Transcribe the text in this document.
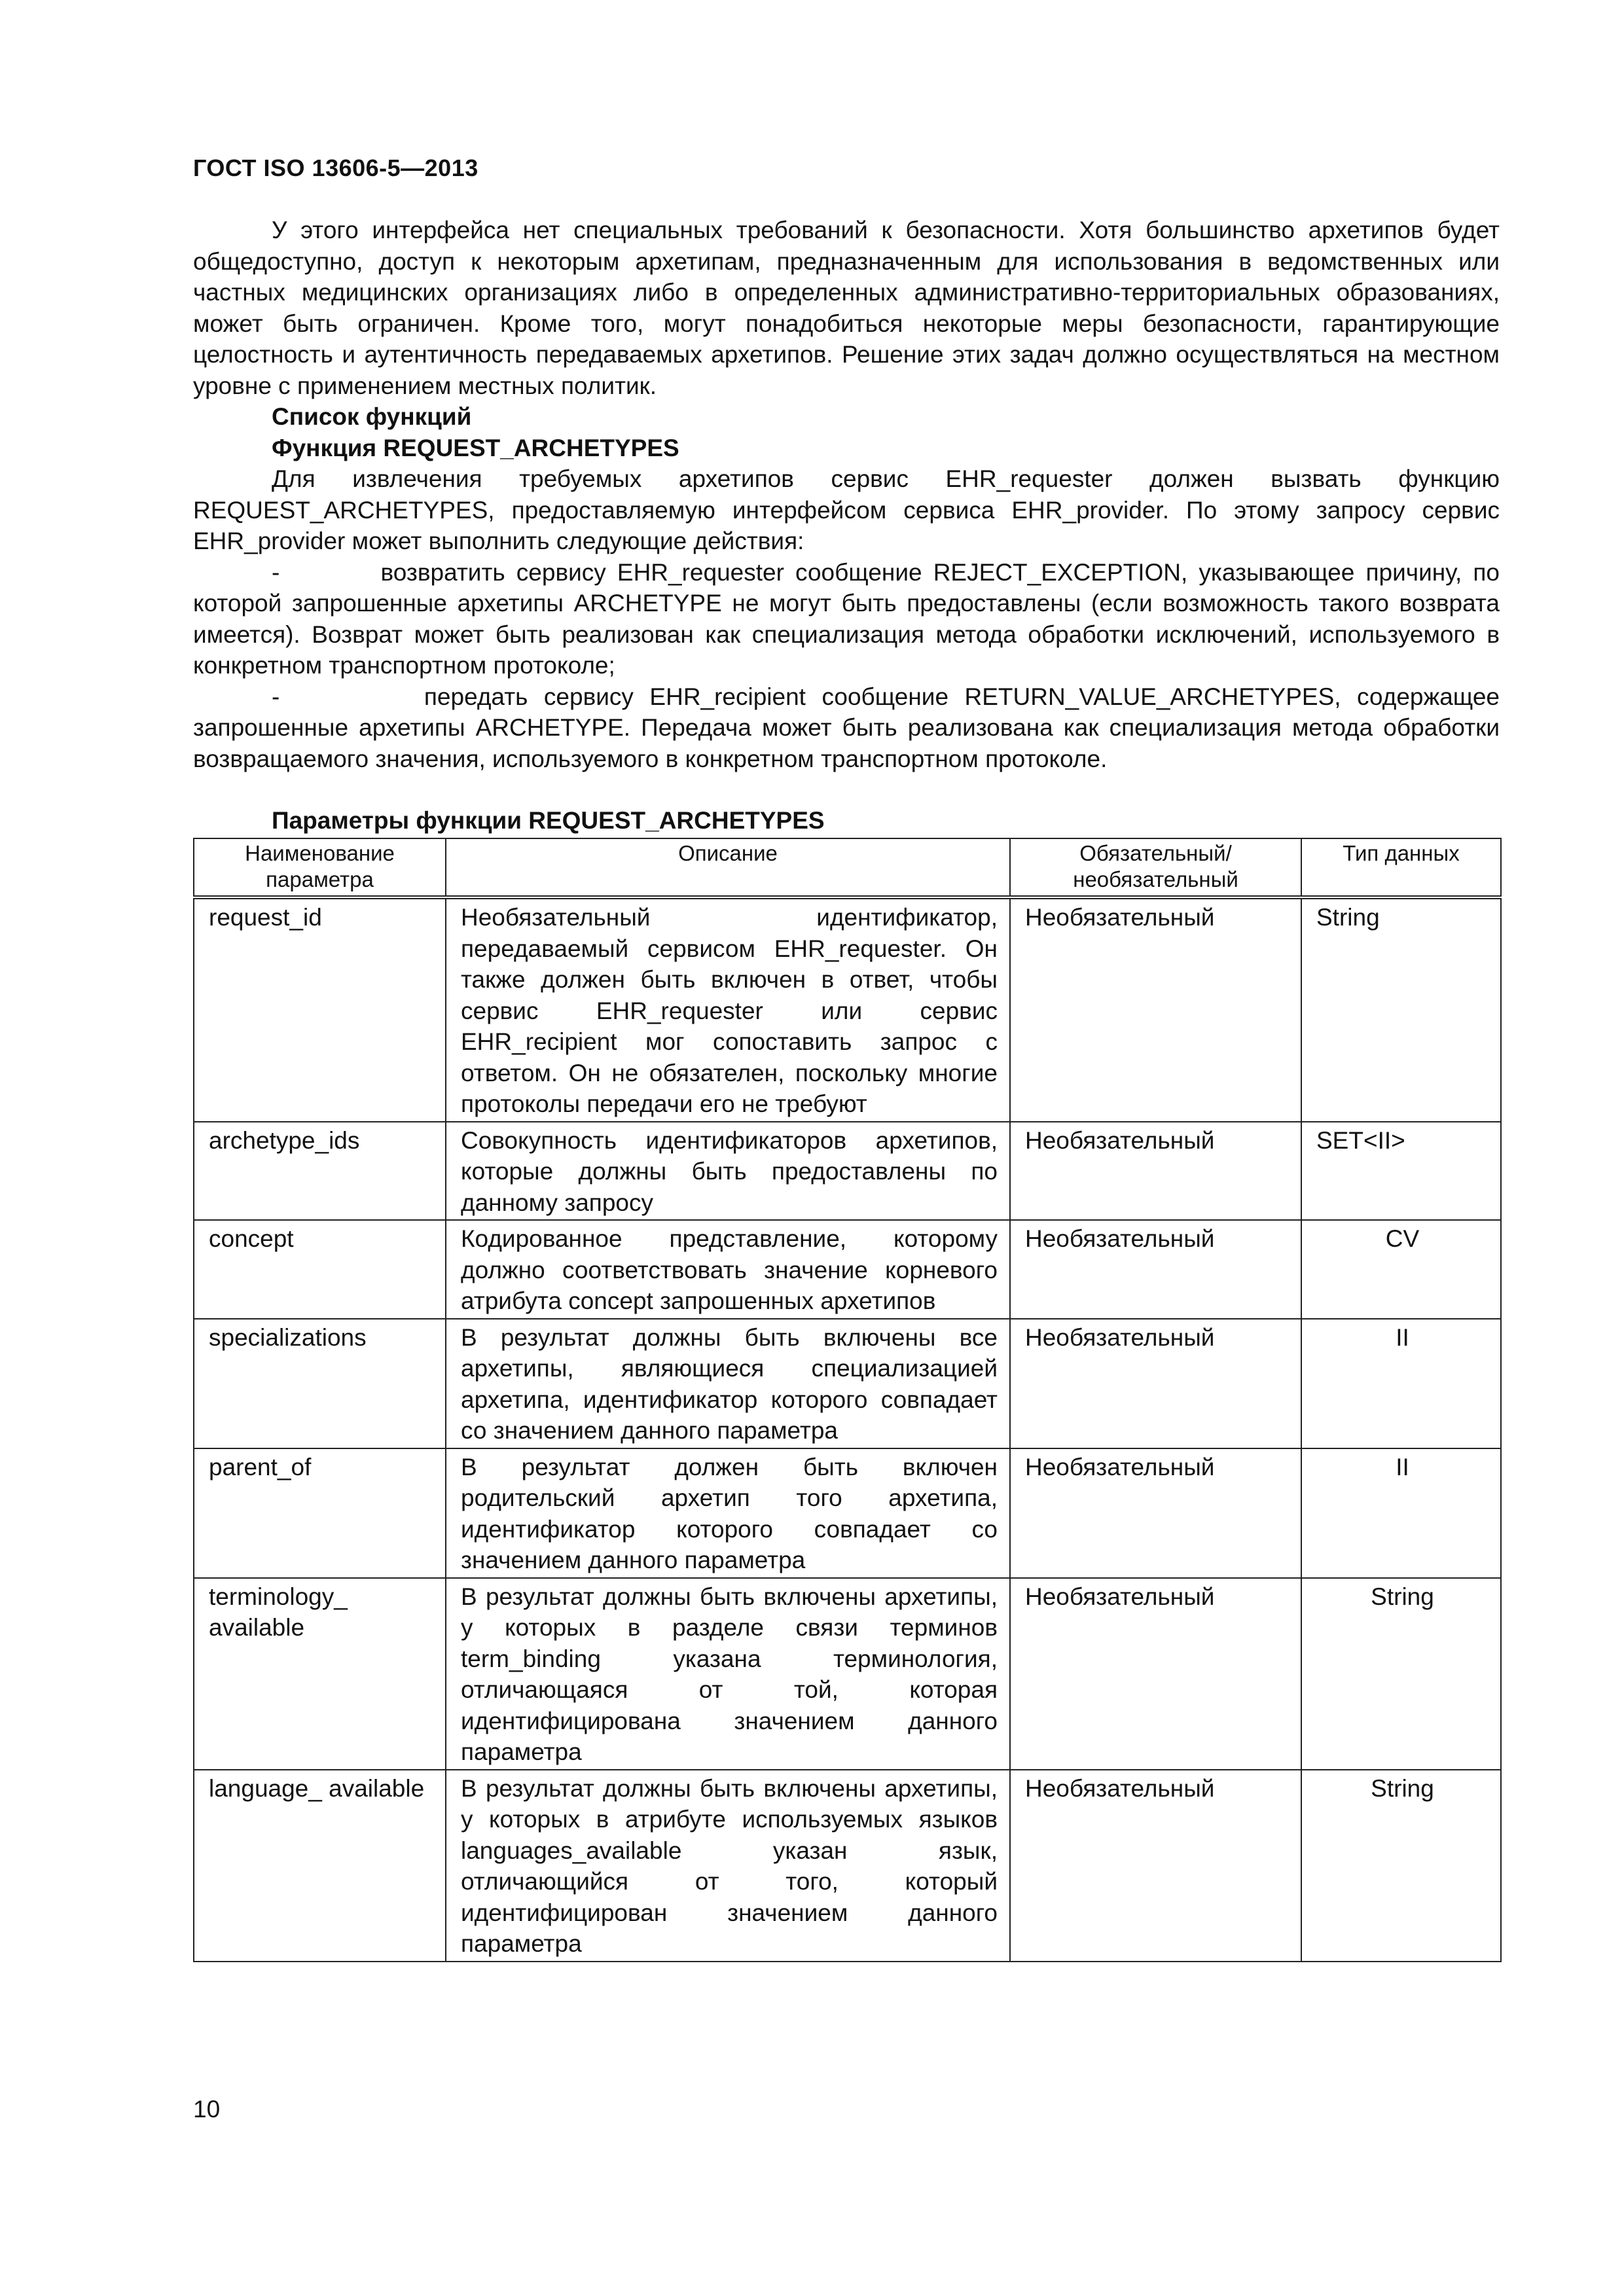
ГОСТ ISO 13606-5—2013

У этого интерфейса нет специальных требований к безопасности. Хотя большинство архетипов будет общедоступно, доступ к некоторым архетипам, предназначенным для использования в ведомственных или частных медицинских организациях либо в определенных административно-территориальных образованиях, может быть ограничен. Кроме того, могут понадобиться некоторые меры безопасности, гарантирующие целостность и аутентичность передаваемых архетипов. Решение этих задач должно осуществляться на местном уровне с применением местных политик.

Список функций

Функция REQUEST_ARCHETYPES

Для извлечения требуемых архетипов сервис EHR_requester должен вызвать функцию REQUEST_ARCHETYPES, предоставляемую интерфейсом сервиса EHR_provider. По этому запросу сервис EHR_provider может выполнить следующие действия:

-         возвратить сервису EHR_requester сообщение REJECT_EXCEPTION, указывающее причину, по которой запрошенные архетипы ARCHETYPE не могут быть предоставлены (если возможность такого возврата имеется). Возврат может быть реализован как специализация метода обработки исключений, используемого в конкретном транспортном протоколе;

-         передать сервису EHR_recipient сообщение RETURN_VALUE_ARCHETYPES, содержащее запрошенные архетипы ARCHETYPE. Передача может быть реализована как специализация метода обработки возвращаемого значения, используемого в конкретном транспортном протоколе.

Параметры функции REQUEST_ARCHETYPES
Наименование параметра	Описание	Обязательный/ необязательный	Тип данных
request_id	Необязательный идентификатор, передаваемый сервисом EHR_requester. Он также должен быть включен в ответ, чтобы сервис EHR_requester или сервис EHR_recipient мог сопоставить запрос с ответом. Он не обязателен, поскольку многие протоколы передачи его не требуют	Необязательный	String
archetype_ids	Совокупность идентификаторов архетипов, которые должны быть предоставлены по данному запросу	Необязательный	SET<II>
concept	Кодированное представление, которому должно соответствовать значение корневого атрибута concept запрошенных архетипов	Необязательный	CV
specializations	В результат должны быть включены все архетипы, являющиеся специализацией архетипа, идентификатор которого совпадает со значением данного параметра	Необязательный	II
parent_of	В результат должен быть включен родительский архетип того архетипа, идентификатор которого совпадает со значением данного параметра	Необязательный	II
terminology_ available	В результат должны быть включены архетипы, у которых в разделе связи терминов term_binding указана терминология, отличающаяся от той, которая идентифицирована значением данного параметра	Необязательный	String
language_ available	В результат должны быть включены архетипы, у которых в атрибуте используемых языков languages_available указан язык, отличающийся от того, который идентифицирован значением данного параметра	Необязательный	String
10
